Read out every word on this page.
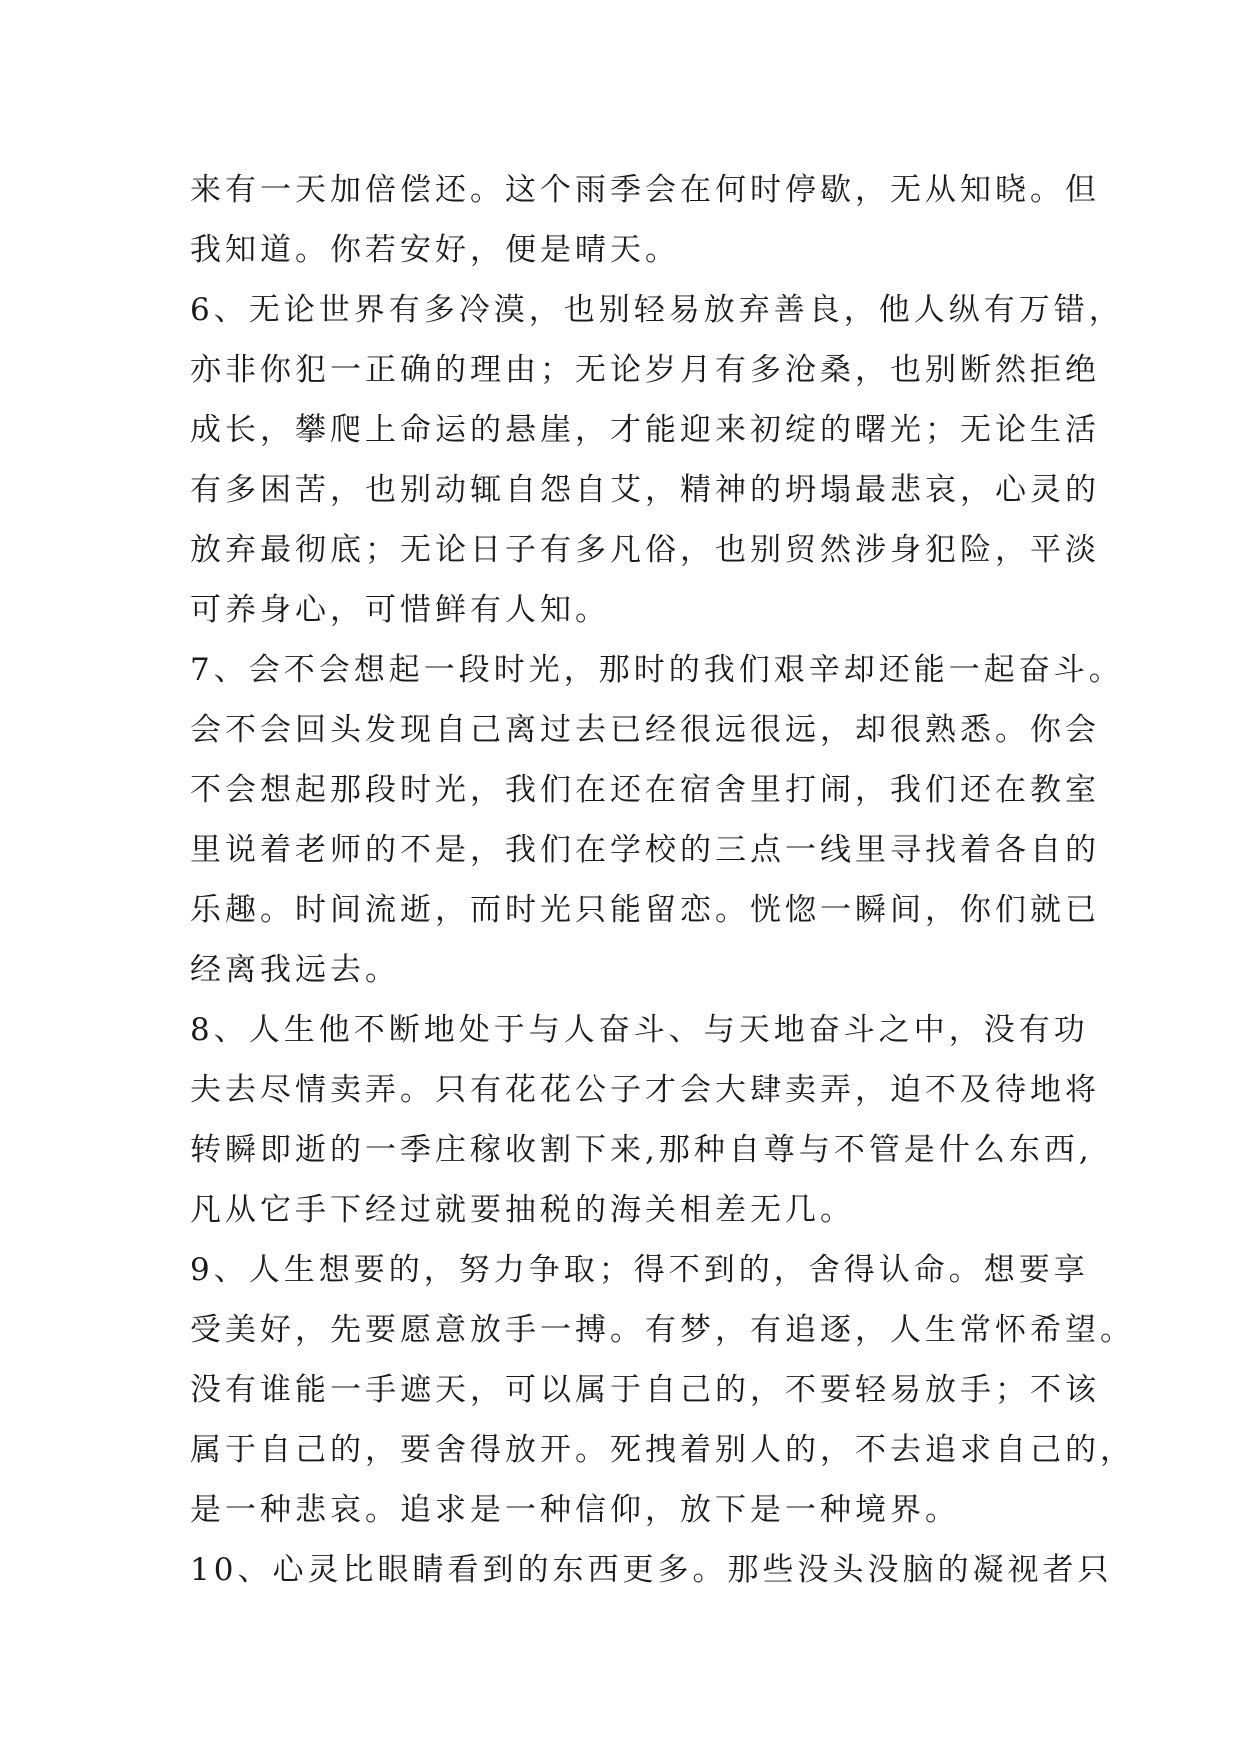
来有一天加倍偿还。这个雨季会在何时停歇，无从知晓。但
我知道。你若安好，便是晴天。
6、无论世界有多冷漠，也别轻易放弃善良，他人纵有万错，
亦非你犯一正确的理由；无论岁月有多沧桑，也别断然拒绝
成长，攀爬上命运的悬崖，才能迎来初绽的曙光；无论生活
有多困苦，也别动辄自怨自艾，精神的坍塌最悲哀，心灵的
放弃最彻底；无论日子有多凡俗，也别贸然涉身犯险，平淡
可养身心，可惜鲜有人知。
7、会不会想起一段时光，那时的我们艰辛却还能一起奋斗。
会不会回头发现自己离过去已经很远很远，却很熟悉。你会
不会想起那段时光，我们在还在宿舍里打闹，我们还在教室
里说着老师的不是，我们在学校的三点一线里寻找着各自的
乐趣。时间流逝，而时光只能留恋。恍惚一瞬间，你们就已
经离我远去。
8、人生他不断地处于与人奋斗、与天地奋斗之中，没有功
夫去尽情卖弄。只有花花公子才会大肆卖弄，迫不及待地将
转瞬即逝的一季庄稼收割下来,那种自尊与不管是什么东西,
凡从它手下经过就要抽税的海关相差无几。
9、人生想要的，努力争取；得不到的，舍得认命。想要享
受美好，先要愿意放手一搏。有梦，有追逐，人生常怀希望。
没有谁能一手遮天，可以属于自己的，不要轻易放手；不该
属于自己的，要舍得放开。死拽着别人的，不去追求自己的，
是一种悲哀。追求是一种信仰，放下是一种境界。
10、心灵比眼睛看到的东西更多。那些没头没脑的凝视者只
